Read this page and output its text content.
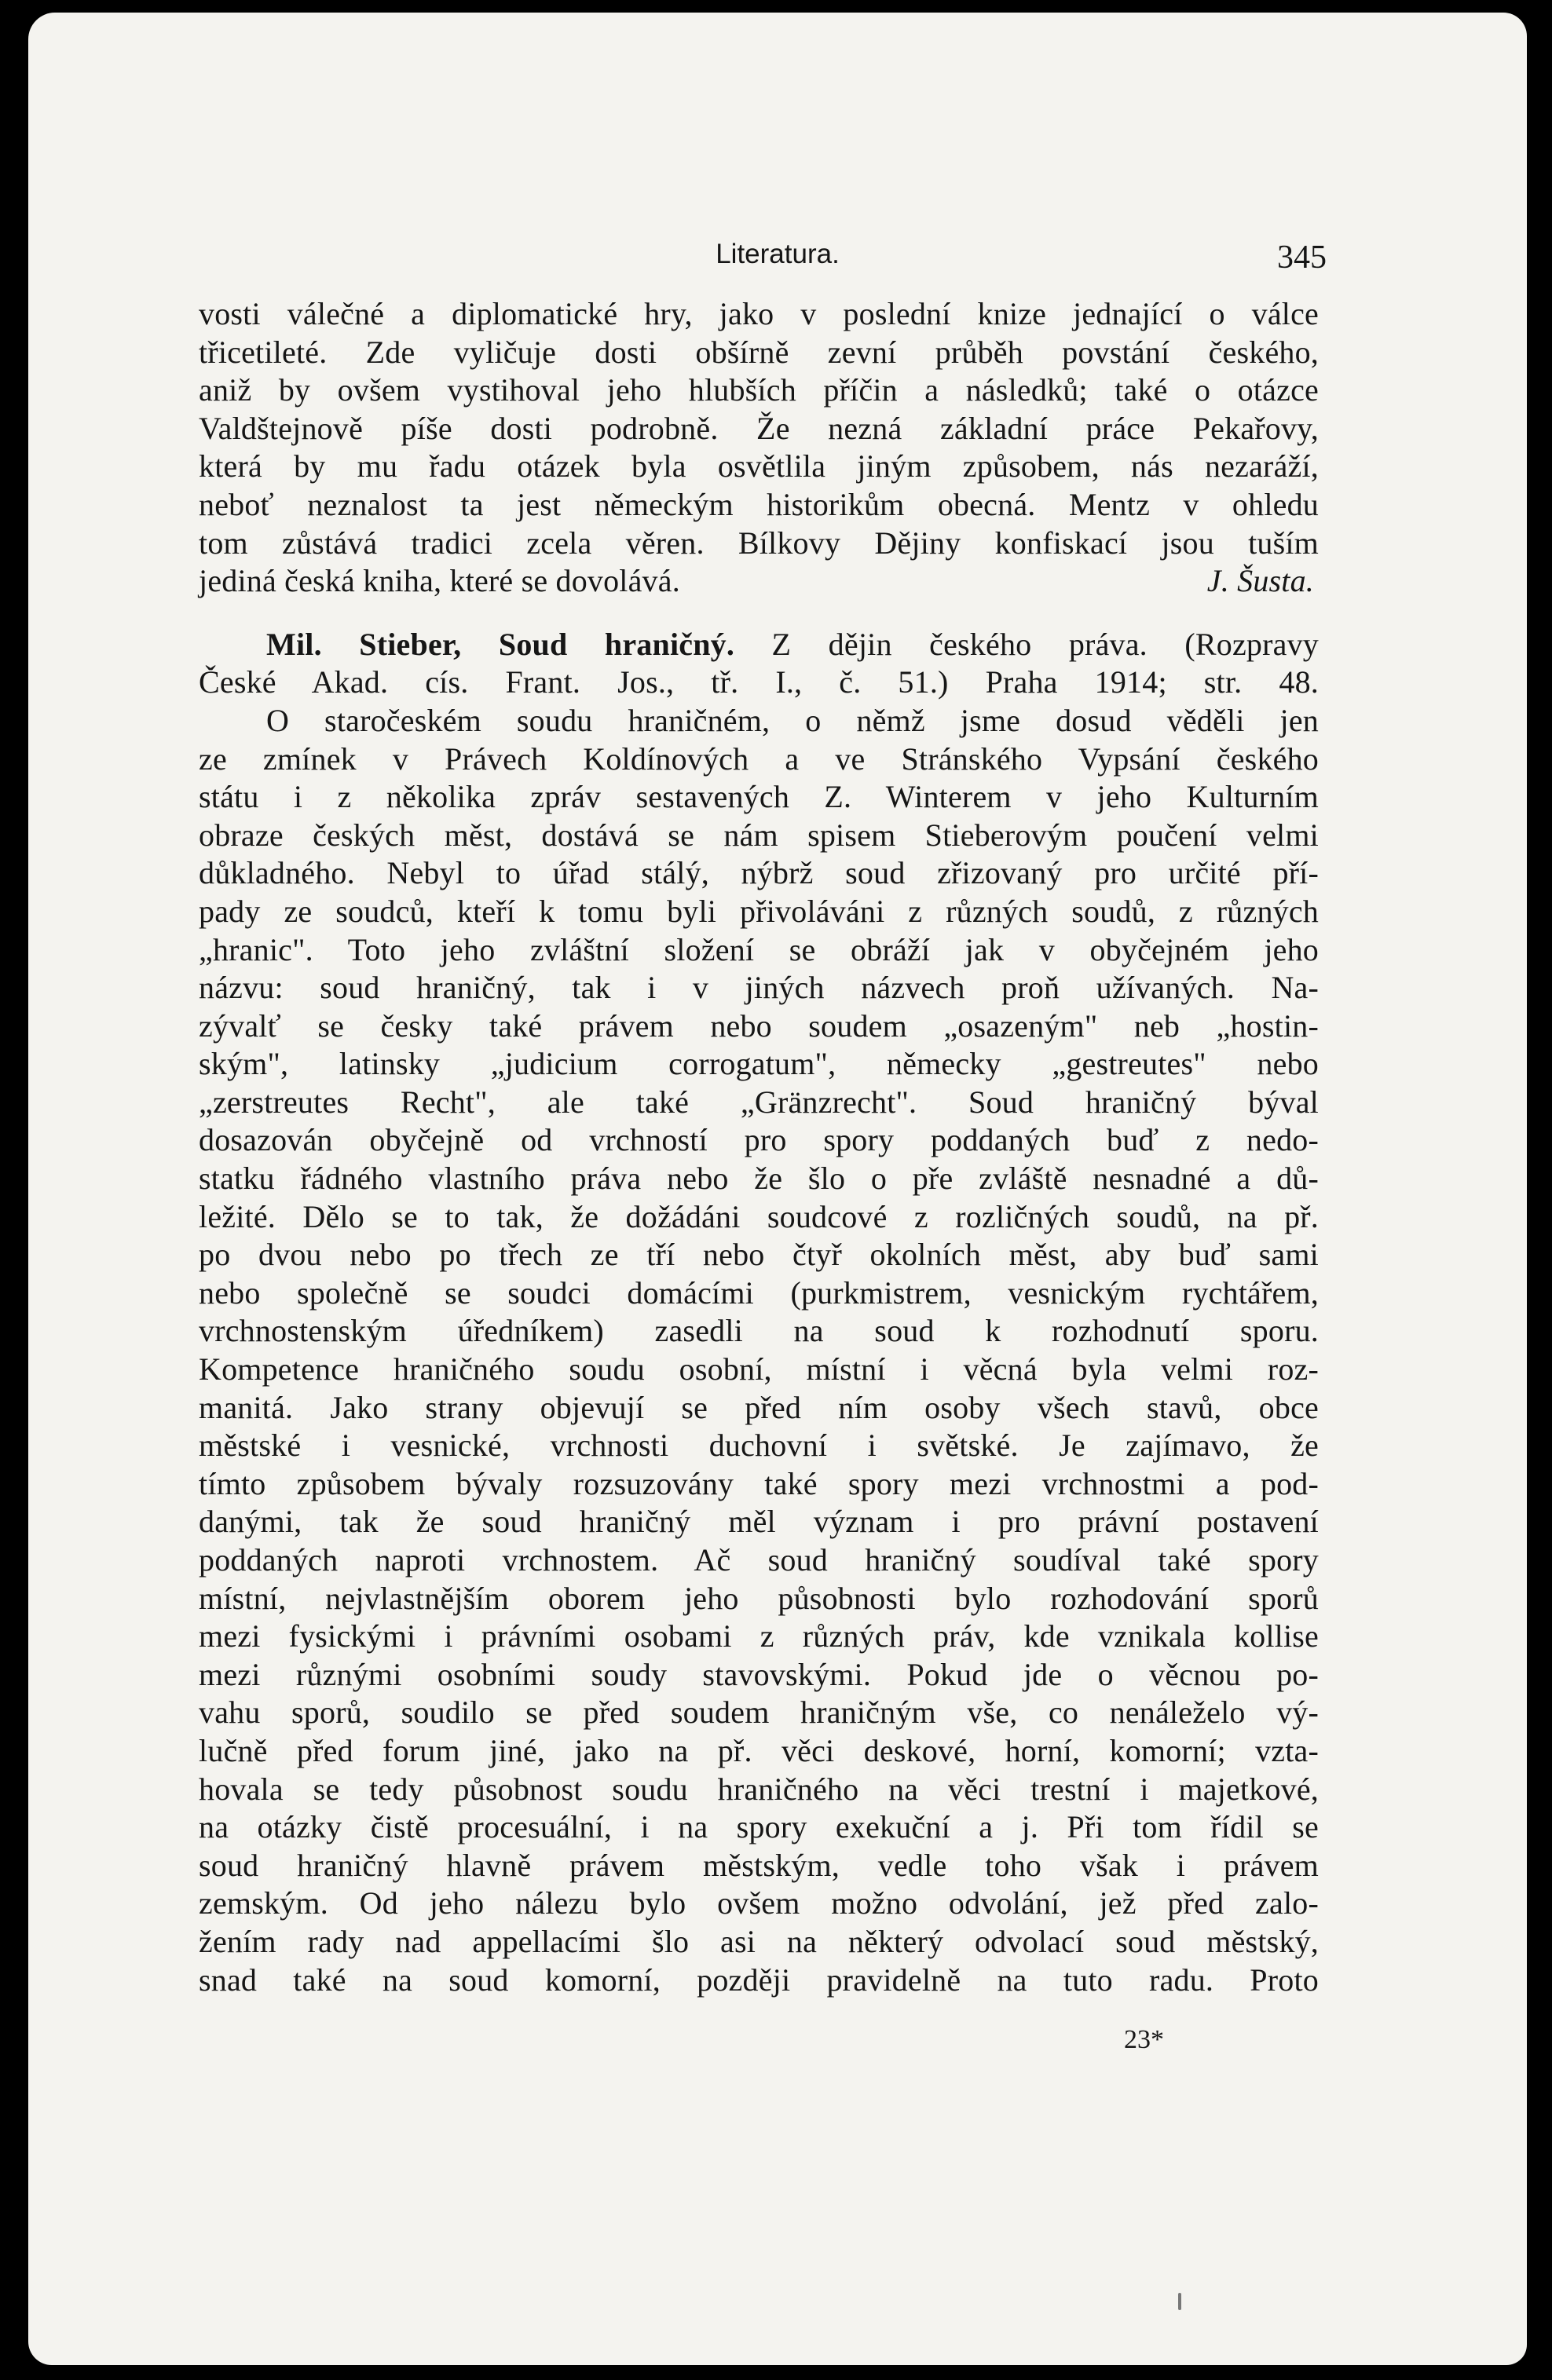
Literatura.	345
vosti válečné a diplomatické hry, jako v poslední knize jednající o válce
třicetileté. Zde vyličuje dosti obšírně zevní průběh povstání českého,
aniž by ovšem vystihoval jeho hlubších příčin a následků; také o otázce
Valdštejnově píše dosti podrobně. Že nezná základní práce Pekařovy,
která by mu řadu otázek byla osvětlila jiným způsobem, nás nezaráží,
neboť neznalost ta jest německým historikům obecná. Mentz v ohledu
tom zůstává tradici zcela věren. Bílkovy Dějiny konfiskací jsou tuším
jediná česká kniha, které se dovolává.	J. Šusta.
Mil. Stieber, Soud hraničný. Z dějin českého práva. (Rozpravy
České Akad. cís. Frant. Jos., tř. I., č. 51.) Praha 1914; str. 48.
O staročeském soudu hraničném, o němž jsme dosud věděli jen
ze zmínek v Právech Koldínových a ve Stránského Vypsání českého
státu i z několika zpráv sestavených Z. Winterem v jeho Kulturním
obraze českých měst, dostává se nám spisem Stieberovým poučení velmi
důkladného. Nebyl to úřad stálý, nýbrž soud zřizovaný pro určité pří-
pady ze soudců, kteří k tomu byli přivoláváni z různých soudů, z různých
„hranic". Toto jeho zvláštní složení se obráží jak v obyčejném jeho
názvu: soud hraničný, tak i v jiných názvech proň užívaných. Na-
zývalť se česky také právem nebo soudem „osazeným" neb „hostin-
ským", latinsky „judicium corrogatum", německy „gestreutes" nebo
„zerstreutes Recht", ale také „Gränzrecht". Soud hraničný býval
dosazován obyčejně od vrchností pro spory poddaných buď z nedo-
statku řádného vlastního práva nebo že šlo o pře zvláště nesnadné a dů-
ležité. Dělo se to tak, že dožádáni soudcové z rozličných soudů, na př.
po dvou nebo po třech ze tří nebo čtyř okolních měst, aby buď sami
nebo společně se soudci domácími (purkmistrem, vesnickým rychtářem,
vrchnostenským úředníkem) zasedli na soud k rozhodnutí sporu.
Kompetence hraničného soudu osobní, místní i věcná byla velmi roz-
manitá. Jako strany objevují se před ním osoby všech stavů, obce
městské i vesnické, vrchnosti duchovní i světské. Je zajímavo, že
tímto způsobem bývaly rozsuzovány také spory mezi vrchnostmi a pod-
danými, tak že soud hraničný měl význam i pro právní postavení
poddaných naproti vrchnostem. Ač soud hraničný soudíval také spory
místní, nejvlastnějším oborem jeho působnosti bylo rozhodování sporů
mezi fysickými i právními osobami z různých práv, kde vznikala kollise
mezi různými osobními soudy stavovskými. Pokud jde o věcnou po-
vahu sporů, soudilo se před soudem hraničným vše, co nenáleželo vý-
lučně před forum jiné, jako na př. věci deskové, horní, komorní; vzta-
hovala se tedy působnost soudu hraničného na věci trestní i majetkové,
na otázky čistě procesuální, i na spory exekuční a j. Při tom řídil se
soud hraničný hlavně právem městským, vedle toho však i právem
zemským. Od jeho nálezu bylo ovšem možno odvolání, jež před zalo-
žením rady nad appellacími šlo asi na některý odvolací soud městský,
snad také na soud komorní, později pravidelně na tuto radu. Proto
23*
